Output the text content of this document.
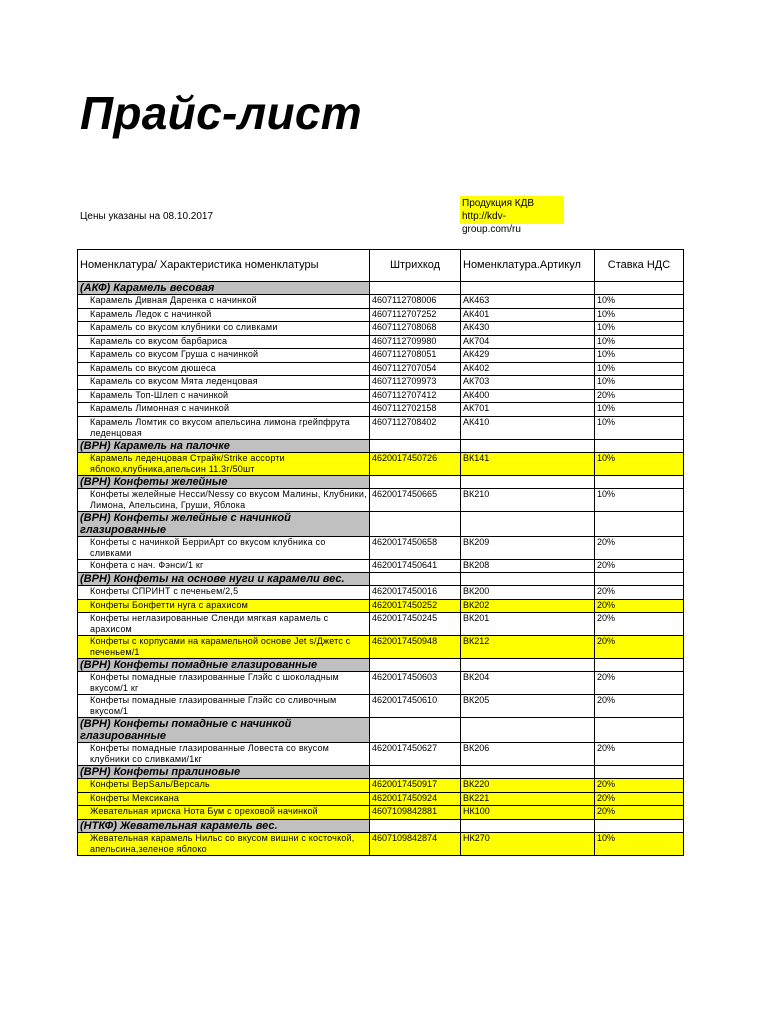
Прайс-лист
Цены указаны на 08.10.2017
Продукция КДВ
http://kdv-group.com/ru
Номенклатура/ Характеристика номенклатуры	Штрихкод	Номенклатура.Артикул	Ставка НДС
(АКФ) Карамель весовая			
Карамель Дивная Даренка с начинкой	4607112708006	АК463	10%
Карамель Ледок с начинкой	4607112707252	АК401	10%
Карамель со вкусом клубники со сливками	4607112708068	АК430	10%
Карамель со вкусом барбариса	4607112709980	АК704	10%
Карамель со вкусом Груша с начинкой	4607112708051	АК429	10%
Карамель со вкусом дюшеса	4607112707054	АК402	10%
Карамель со вкусом Мята леденцовая	4607112709973	АК703	10%
Карамель Топ-Шлеп с начинкой	4607112707412	АК400	20%
Карамель Лимонная с начинкой	4607112702158	АК701	10%
Карамель Ломтик со вкусом апельсина лимона грейпфрута леденцовая	4607112708402	АК410	10%
(ВРН) Карамель на палочке			
Карамель леденцовая Страйк/Strike ассорти яблоко,клубника,апельсин 11.3г/50шт	4620017450726	ВК141	10%
(ВРН) Конфеты желейные			
Конфеты желейные Несси/Nessy со вкусом Малины, Клубники, Лимона, Апельсина, Груши, Яблока	4620017450665	ВК210	10%
(ВРН) Конфеты желейные с начинкой глазированные			
Конфеты с начинкой БерриАрт со вкусом клубника со сливками	4620017450658	ВК209	20%
Конфета с нач. Фэнси/1 кг	4620017450641	ВК208	20%
(ВРН) Конфеты на основе нуги и карамели вес.			
Конфеты СПРИНТ с печеньем/2,5	4620017450016	ВК200	20%
Конфеты Бонфетти нуга с арахисом	4620017450252	ВК202	20%
Конфеты неглазированные Сленди мягкая карамель с арахисом	4620017450245	ВК201	20%
Конфеты с корпусами на карамельной основе Jet s/Джетс с печеньем/1	4620017450948	ВК212	20%
(ВРН) Конфеты помадные глазированные			
Конфеты помадные глазированные Глэйс с шоколадным вкусом/1 кг	4620017450603	ВК204	20%
Конфеты помадные глазированные Глэйс со сливочным вкусом/1	4620017450610	ВК205	20%
(ВРН) Конфеты помадные с начинкой глазированные			
Конфеты помадные глазированные Ловеста со вкусом клубники со сливками/1кг	4620017450627	ВК206	20%
(ВРН) Конфеты пралиновые			
Конфеты ВерSаль/Версаль	4620017450917	ВК220	20%
Конфеты Мексикана	4620017450924	ВК221	20%
Жевательная ириска Нота Бум с ореховой начинкой	4607109842881	НК100	20%
(НТКФ) Жевательная карамель вес.			
Жевательная карамель Нильс со вкусом вишни с косточкой, апельсина,зеленое яблоко	4607109842874	НК270	10%
